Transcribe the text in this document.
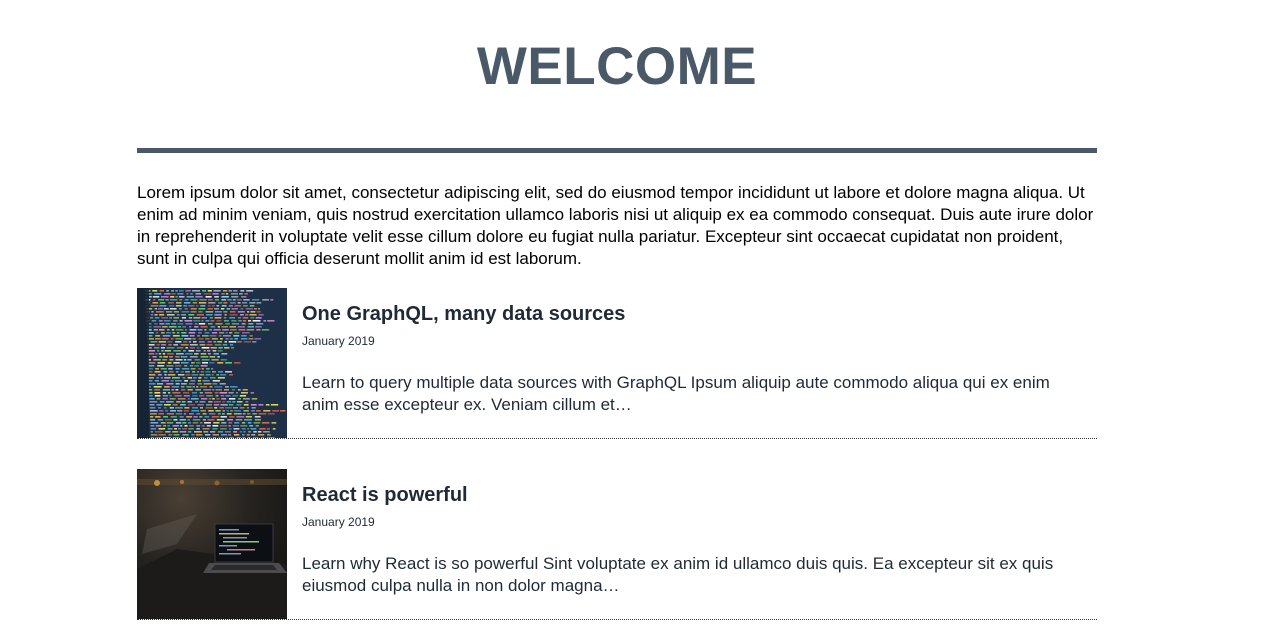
WELCOME

Lorem ipsum dolor sit amet, consectetur adipiscing elit, sed do eiusmod tempor incididunt ut labore et dolore magna aliqua. Ut enim ad minim veniam, quis nostrud exercitation ullamco laboris nisi ut aliquip ex ea commodo consequat. Duis aute irure dolor in reprehenderit in voluptate velit esse cillum dolore eu fugiat nulla pariatur. Excepteur sint occaecat cupidatat non proident, sunt in culpa qui officia deserunt mollit anim id est laborum.

One GraphQL, many data sources
January 2019

Learn to query multiple data sources with GraphQL Ipsum aliquip aute commodo aliqua qui ex enim anim esse excepteur ex. Veniam cillum et…

React is powerful
January 2019

Learn why React is so powerful Sint voluptate ex anim id ullamco duis quis. Ea excepteur sit ex quis eiusmod culpa nulla in non dolor magna…
